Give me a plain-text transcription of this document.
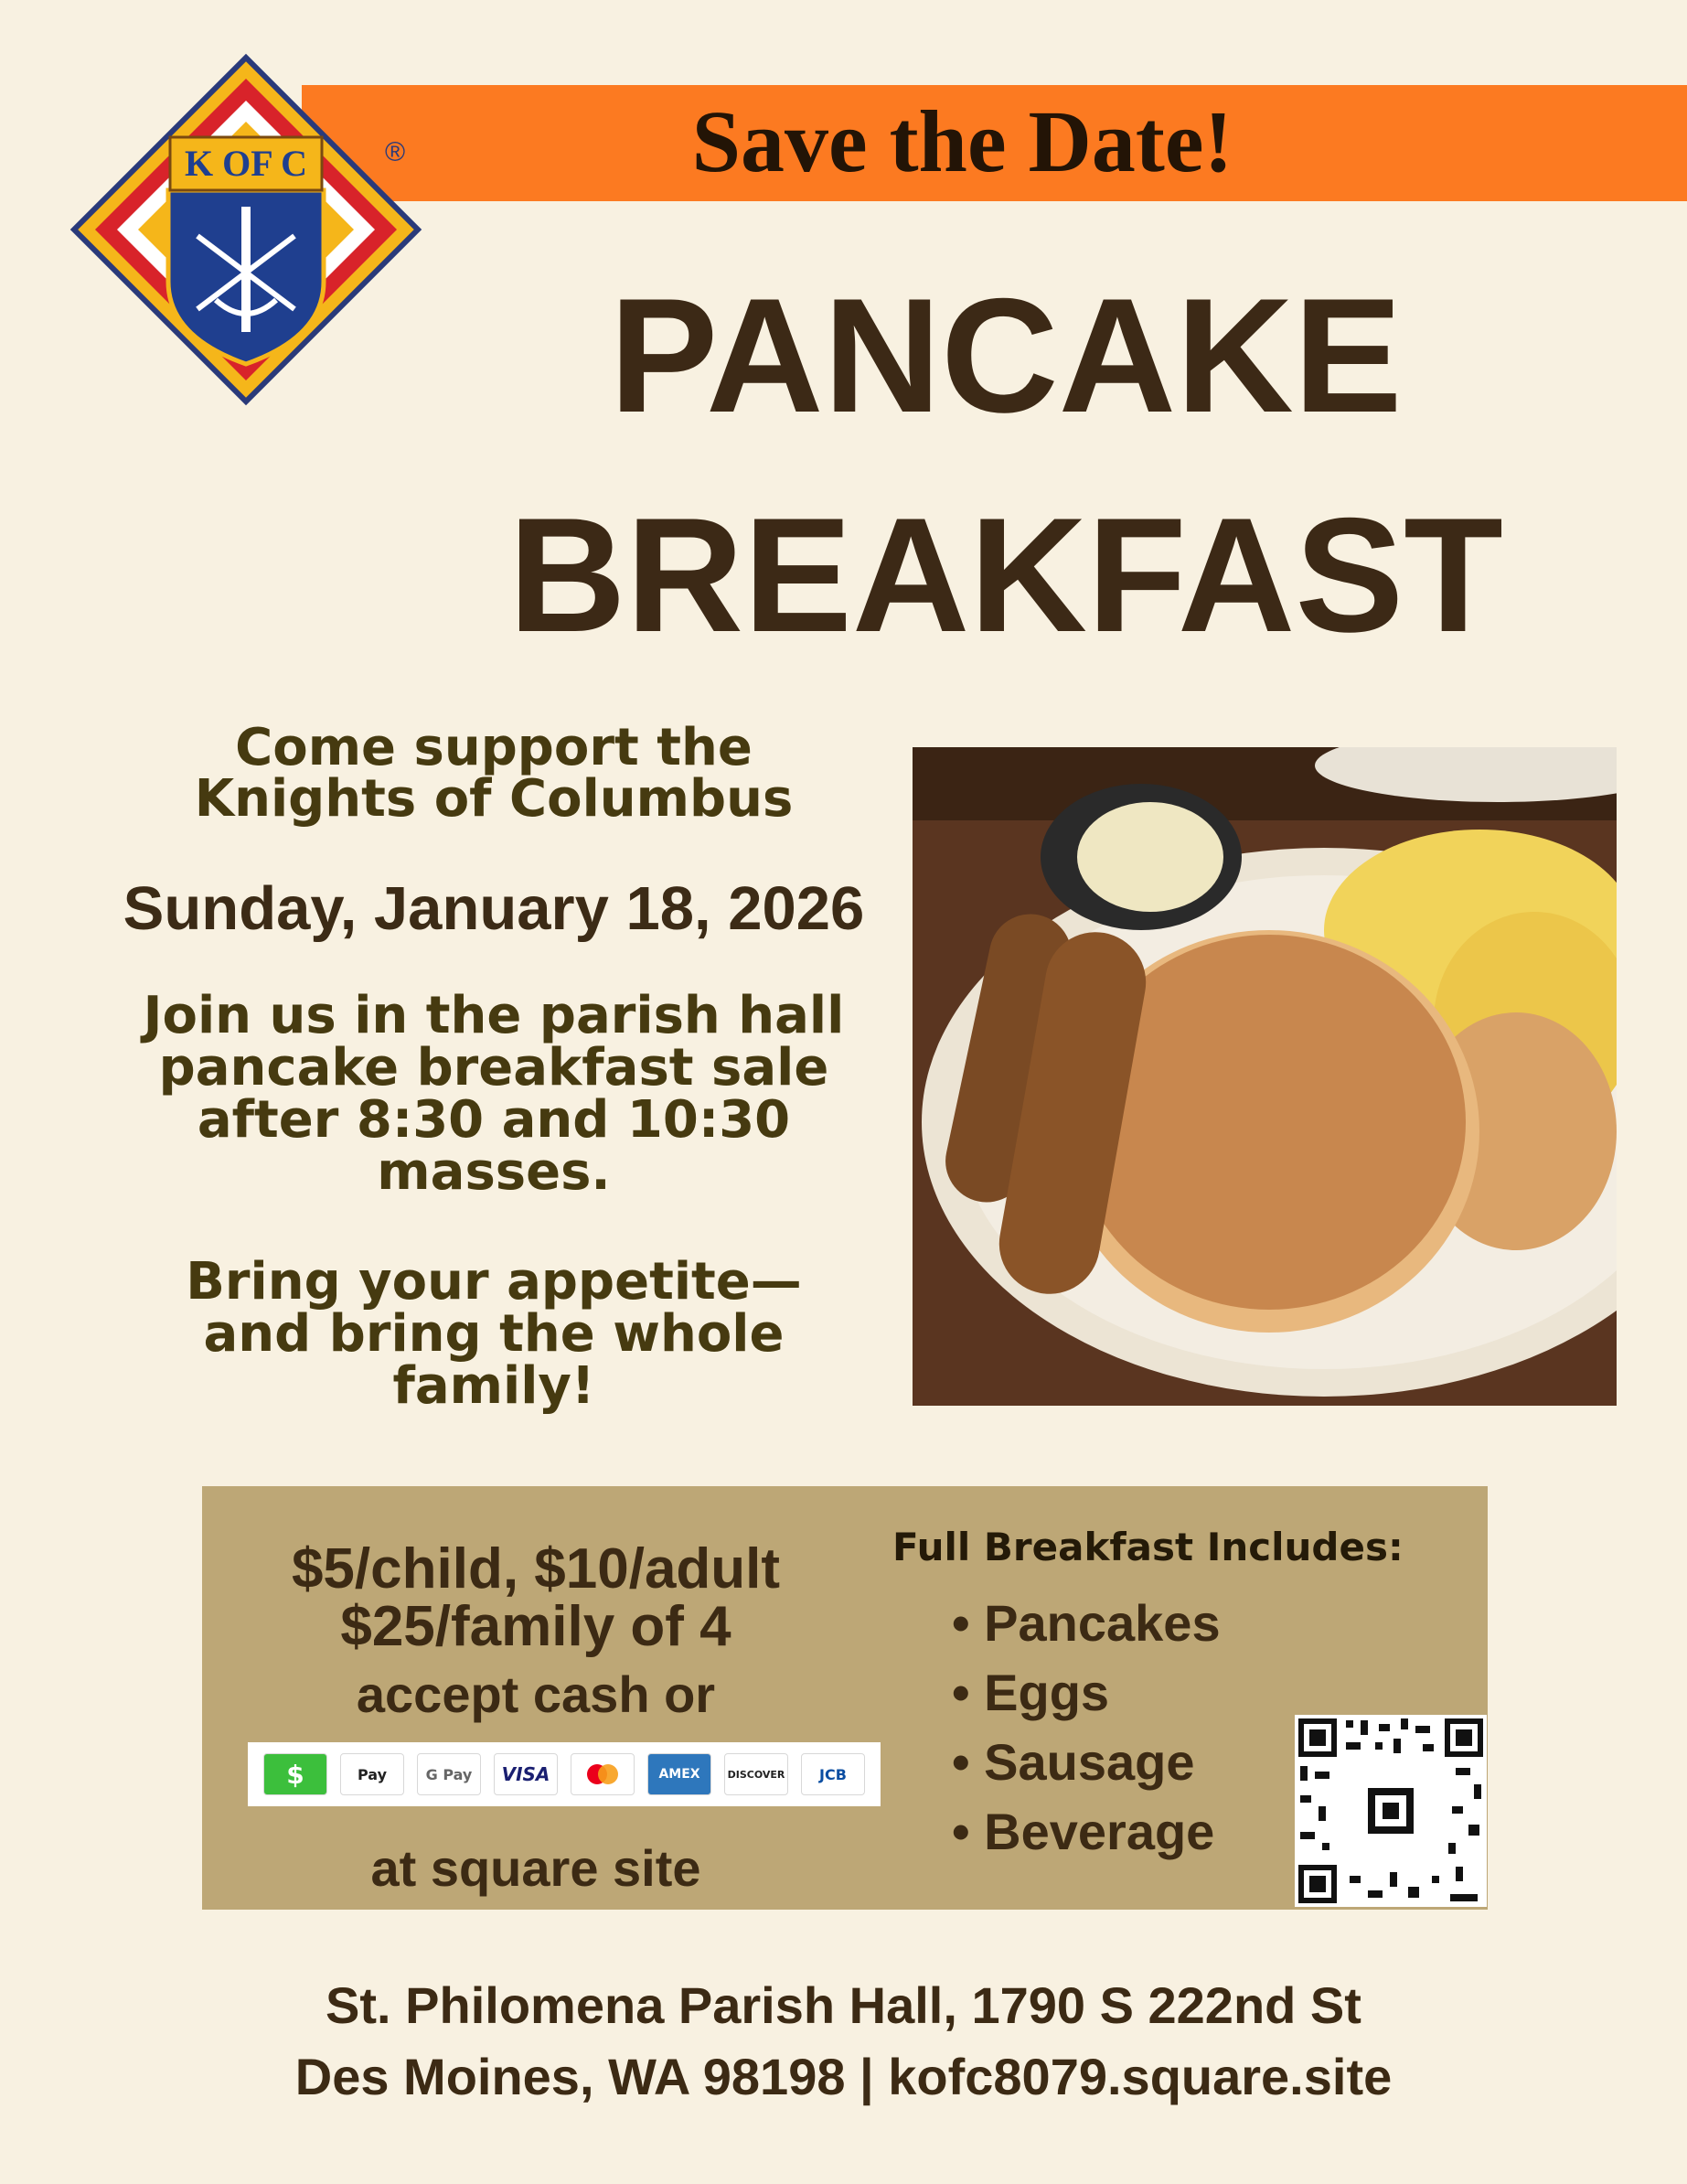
Save the Date!
K OF C	®
PANCAKE
BREAKFAST
Come support the
Knights of Columbus
Sunday, January 18, 2026
Join us in the parish hall
pancake breakfast sale
after 8:30 and 10:30
masses.
Bring your appetite—
and bring the whole
family!
$5/child, $10/adult
$25/family of 4
accept cash or
$	Pay	G Pay	VISA	AMEX	DISCOVER	JCB
at square site
Full Breakfast Includes:
• Pancakes
• Eggs
• Sausage
• Beverage
St. Philomena Parish Hall, 1790 S 222nd St
Des Moines, WA 98198 | kofc8079.square.site
